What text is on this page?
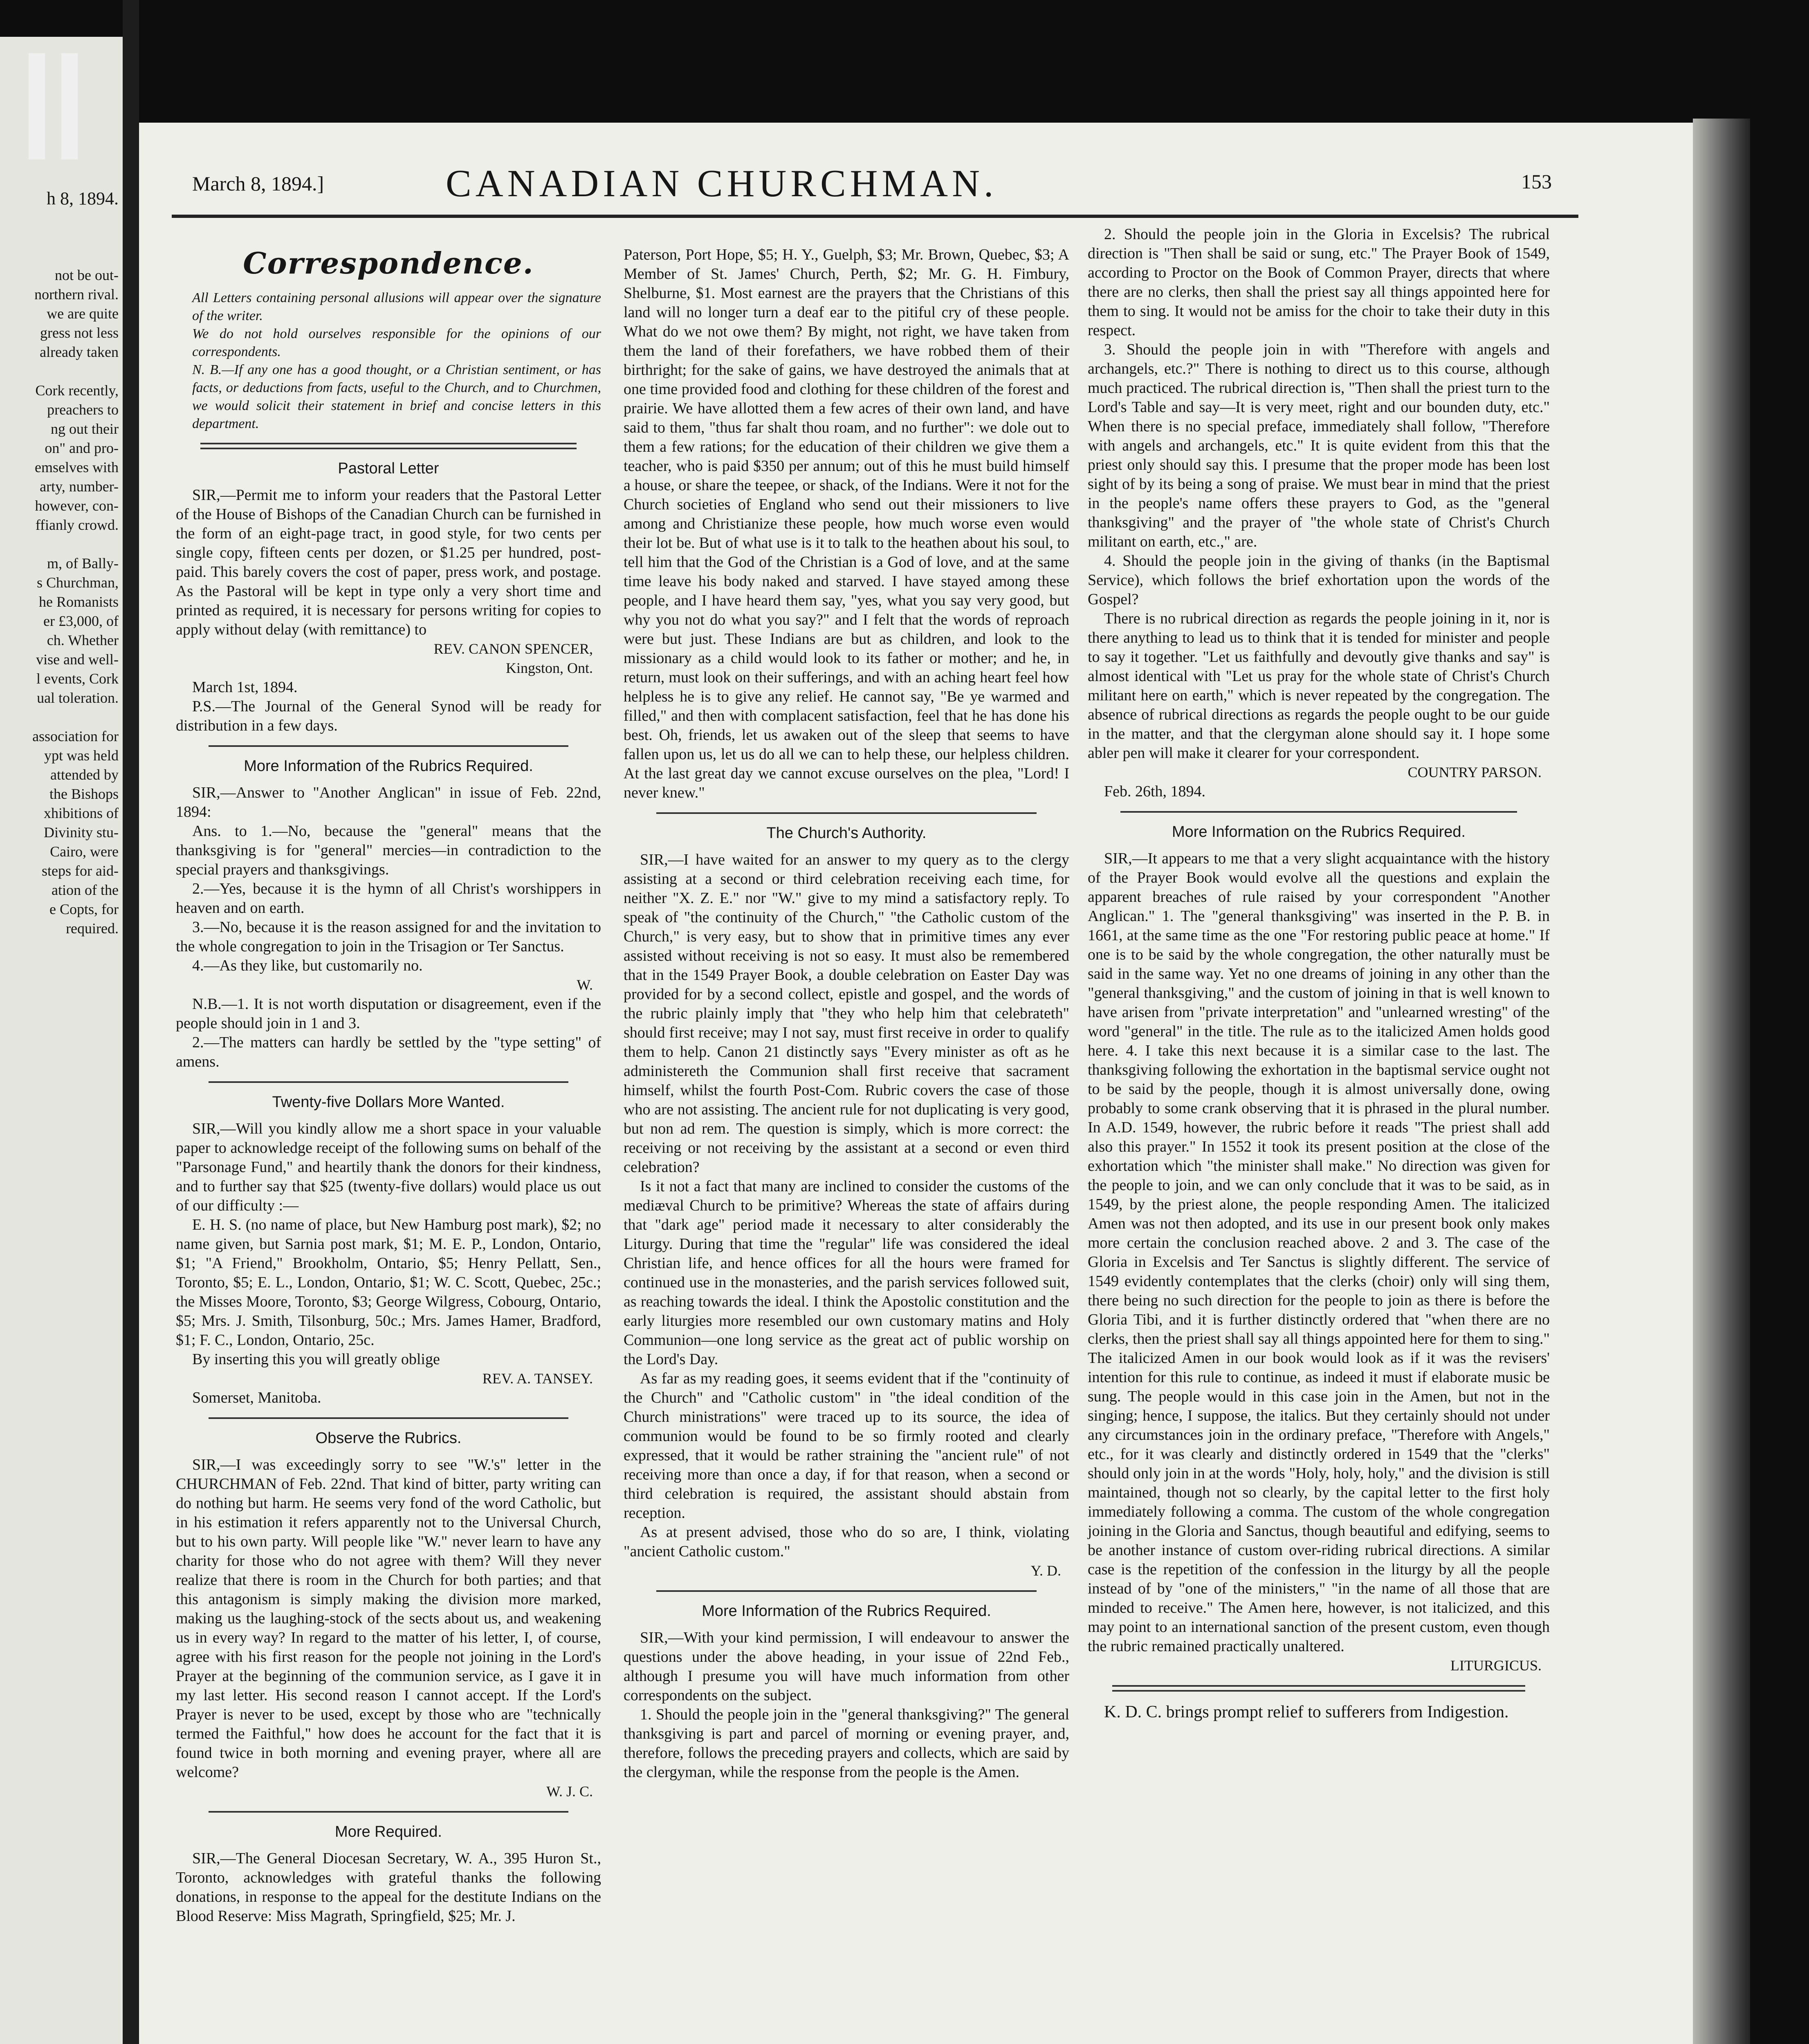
h 8, 1894.
not be out-
northern rival.
we are quite
gress not less
already taken

Cork recently,
preachers to
ng out their
on" and pro-
emselves with
arty, number-
however, con-
ffianly crowd.

m, of Bally-
s Churchman,
he Romanists
er £3,000, of
ch. Whether
vise and well-
l events, Cork
ual toleration.

association for
ypt was held
attended by
the Bishops
xhibitions of
Divinity stu-
Cairo, were
steps for aid-
ation of the
e Copts, for
required.
March 8, 1894.]	CANADIAN CHURCHMAN.	153
Correspondence.

All Letters containing personal allusions will appear over the signature of the writer.

We do not hold ourselves responsible for the opinions of our correspondents.

N. B.—If any one has a good thought, or a Christian sentiment, or has facts, or deductions from facts, useful to the Church, and to Churchmen, we would solicit their statement in brief and concise letters in this department.

Pastoral Letter

SIR,—Permit me to inform your readers that the Pastoral Letter of the House of Bishops of the Canadian Church can be furnished in the form of an eight-page tract, in good style, for two cents per single copy, fifteen cents per dozen, or $1.25 per hundred, post-paid. This barely covers the cost of paper, press work, and postage. As the Pastoral will be kept in type only a very short time and printed as required, it is necessary for persons writing for copies to apply without delay (with remittance) to

REV. CANON SPENCER,
Kingston, Ont.

March 1st, 1894.

P.S.—The Journal of the General Synod will be ready for distribution in a few days.

More Information of the Rubrics Required.

SIR,—Answer to "Another Anglican" in issue of Feb. 22nd, 1894:

Ans. to 1.—No, because the "general" means that the thanksgiving is for "general" mercies—in contradiction to the special prayers and thanksgivings.

2.—Yes, because it is the hymn of all Christ's worshippers in heaven and on earth.

3.—No, because it is the reason assigned for and the invitation to the whole congregation to join in the Trisagion or Ter Sanctus.

4.—As they like, but customarily no.

W.

N.B.—1. It is not worth disputation or disagreement, even if the people should join in 1 and 3.

2.—The matters can hardly be settled by the "type setting" of amens.

Twenty-five Dollars More Wanted.

SIR,—Will you kindly allow me a short space in your valuable paper to acknowledge receipt of the following sums on behalf of the "Parsonage Fund," and heartily thank the donors for their kindness, and to further say that $25 (twenty-five dollars) would place us out of our difficulty :—

E. H. S. (no name of place, but New Hamburg post mark), $2; no name given, but Sarnia post mark, $1; M. E. P., London, Ontario, $1; "A Friend," Brookholm, Ontario, $5; Henry Pellatt, Sen., Toronto, $5; E. L., London, Ontario, $1; W. C. Scott, Quebec, 25c.; the Misses Moore, Toronto, $3; George Wilgress, Cobourg, Ontario, $5; Mrs. J. Smith, Tilsonburg, 50c.; Mrs. James Hamer, Bradford, $1; F. C., London, Ontario, 25c.

By inserting this you will greatly oblige

REV. A. TANSEY.

Somerset, Manitoba.

Observe the Rubrics.

SIR,—I was exceedingly sorry to see "W.'s" letter in the CHURCHMAN of Feb. 22nd. That kind of bitter, party writing can do nothing but harm. He seems very fond of the word Catholic, but in his estimation it refers apparently not to the Universal Church, but to his own party. Will people like "W." never learn to have any charity for those who do not agree with them? Will they never realize that there is room in the Church for both parties; and that this antagonism is simply making the division more marked, making us the laughing-stock of the sects about us, and weakening us in every way? In regard to the matter of his letter, I, of course, agree with his first reason for the people not joining in the Lord's Prayer at the beginning of the communion service, as I gave it in my last letter. His second reason I cannot accept. If the Lord's Prayer is never to be used, except by those who are "technically termed the Faithful," how does he account for the fact that it is found twice in both morning and evening prayer, where all are welcome?

W. J. C.
More Required.

SIR,—The General Diocesan Secretary, W. A., 395 Huron St., Toronto, acknowledges with grateful thanks the following donations, in response to the appeal for the destitute Indians on the Blood Reserve: Miss Magrath, Springfield, $25; Mr. J.

Paterson, Port Hope, $5; H. Y., Guelph, $3; Mr. Brown, Quebec, $3; A Member of St. James' Church, Perth, $2; Mr. G. H. Fimbury, Shelburne, $1. Most earnest are the prayers that the Christians of this land will no longer turn a deaf ear to the pitiful cry of these people. What do we not owe them? By might, not right, we have taken from them the land of their forefathers, we have robbed them of their birthright; for the sake of gains, we have destroyed the animals that at one time provided food and clothing for these children of the forest and prairie. We have allotted them a few acres of their own land, and have said to them, "thus far shalt thou roam, and no further": we dole out to them a few rations; for the education of their children we give them a teacher, who is paid $350 per annum; out of this he must build himself a house, or share the teepee, or shack, of the Indians. Were it not for the Church societies of England who send out their missioners to live among and Christianize these people, how much worse even would their lot be. But of what use is it to talk to the heathen about his soul, to tell him that the God of the Christian is a God of love, and at the same time leave his body naked and starved. I have stayed among these people, and I have heard them say, "yes, what you say very good, but why you not do what you say?" and I felt that the words of reproach were but just. These Indians are but as children, and look to the missionary as a child would look to its father or mother; and he, in return, must look on their sufferings, and with an aching heart feel how helpless he is to give any relief. He cannot say, "Be ye warmed and filled," and then with complacent satisfaction, feel that he has done his best. Oh, friends, let us awaken out of the sleep that seems to have fallen upon us, let us do all we can to help these, our helpless children. At the last great day we cannot excuse ourselves on the plea, "Lord! I never knew."

The Church's Authority.

SIR,—I have waited for an answer to my query as to the clergy assisting at a second or third celebration receiving each time, for neither "X. Z. E." nor "W." give to my mind a satisfactory reply. To speak of "the continuity of the Church," "the Catholic custom of the Church," is very easy, but to show that in primitive times any ever assisted without receiving is not so easy. It must also be remembered that in the 1549 Prayer Book, a double celebration on Easter Day was provided for by a second collect, epistle and gospel, and the words of the rubric plainly imply that "they who help him that celebrateth" should first receive; may I not say, must first receive in order to qualify them to help. Canon 21 distinctly says "Every minister as oft as he administereth the Communion shall first receive that sacrament himself, whilst the fourth Post-Com. Rubric covers the case of those who are not assisting. The ancient rule for not duplicating is very good, but non ad rem. The question is simply, which is more correct: the receiving or not receiving by the assistant at a second or even third celebration?

Is it not a fact that many are inclined to consider the customs of the mediæval Church to be primitive? Whereas the state of affairs during that "dark age" period made it necessary to alter considerably the Liturgy. During that time the "regular" life was considered the ideal Christian life, and hence offices for all the hours were framed for continued use in the monasteries, and the parish services followed suit, as reaching towards the ideal. I think the Apostolic constitution and the early liturgies more resembled our own customary matins and Holy Communion—one long service as the great act of public worship on the Lord's Day.

As far as my reading goes, it seems evident that if the "continuity of the Church" and "Catholic custom" in "the ideal condition of the Church ministrations" were traced up to its source, the idea of communion would be found to be so firmly rooted and clearly expressed, that it would be rather straining the "ancient rule" of not receiving more than once a day, if for that reason, when a second or third celebration is required, the assistant should abstain from reception.

As at present advised, those who do so are, I think, violating "ancient Catholic custom."

Y. D.
More Information of the Rubrics Required.

SIR,—With your kind permission, I will endeavour to answer the questions under the above heading, in your issue of 22nd Feb., although I presume you will have much information from other correspondents on the subject.

1. Should the people join in the "general thanksgiving?" The general thanksgiving is part and parcel of morning or evening prayer, and, therefore, follows the preceding prayers and collects, which are said by the clergyman, while the response from the people is the Amen.

2. Should the people join in the Gloria in Excelsis? The rubrical direction is "Then shall be said or sung, etc." The Prayer Book of 1549, according to Proctor on the Book of Common Prayer, directs that where there are no clerks, then shall the priest say all things appointed here for them to sing. It would not be amiss for the choir to take their duty in this respect.

3. Should the people join in with "Therefore with angels and archangels, etc.?" There is nothing to direct us to this course, although much practiced. The rubrical direction is, "Then shall the priest turn to the Lord's Table and say—It is very meet, right and our bounden duty, etc." When there is no special preface, immediately shall follow, "Therefore with angels and archangels, etc." It is quite evident from this that the priest only should say this. I presume that the proper mode has been lost sight of by its being a song of praise. We must bear in mind that the priest in the people's name offers these prayers to God, as the "general thanksgiving" and the prayer of "the whole state of Christ's Church militant on earth, etc.," are.

4. Should the people join in the giving of thanks (in the Baptismal Service), which follows the brief exhortation upon the words of the Gospel?

There is no rubrical direction as regards the people joining in it, nor is there anything to lead us to think that it is tended for minister and people to say it together. "Let us faithfully and devoutly give thanks and say" is almost identical with "Let us pray for the whole state of Christ's Church militant here on earth," which is never repeated by the congregation. The absence of rubrical directions as regards the people ought to be our guide in the matter, and that the clergyman alone should say it. I hope some abler pen will make it clearer for your correspondent.

COUNTRY PARSON.

Feb. 26th, 1894.

More Information on the Rubrics Required.

SIR,—It appears to me that a very slight acquaintance with the history of the Prayer Book would evolve all the questions and explain the apparent breaches of rule raised by your correspondent "Another Anglican." 1. The "general thanksgiving" was inserted in the P. B. in 1661, at the same time as the one "For restoring public peace at home." If one is to be said by the whole congregation, the other naturally must be said in the same way. Yet no one dreams of joining in any other than the "general thanksgiving," and the custom of joining in that is well known to have arisen from "private interpretation" and "unlearned wresting" of the word "general" in the title. The rule as to the italicized Amen holds good here. 4. I take this next because it is a similar case to the last. The thanksgiving following the exhortation in the baptismal service ought not to be said by the people, though it is almost universally done, owing probably to some crank observing that it is phrased in the plural number. In A.D. 1549, however, the rubric before it reads "The priest shall add also this prayer." In 1552 it took its present position at the close of the exhortation which "the minister shall make." No direction was given for the people to join, and we can only conclude that it was to be said, as in 1549, by the priest alone, the people responding Amen. The italicized Amen was not then adopted, and its use in our present book only makes more certain the conclusion reached above. 2 and 3. The case of the Gloria in Excelsis and Ter Sanctus is slightly different. The service of 1549 evidently contemplates that the clerks (choir) only will sing them, there being no such direction for the people to join as there is before the Gloria Tibi, and it is further distinctly ordered that "when there are no clerks, then the priest shall say all things appointed here for them to sing." The italicized Amen in our book would look as if it was the revisers' intention for this rule to continue, as indeed it must if elaborate music be sung. The people would in this case join in the Amen, but not in the singing; hence, I suppose, the italics. But they certainly should not under any circumstances join in the ordinary preface, "Therefore with Angels," etc., for it was clearly and distinctly ordered in 1549 that the "clerks" should only join in at the words "Holy, holy, holy," and the division is still maintained, though not so clearly, by the capital letter to the first holy immediately following a comma. The custom of the whole congregation joining in the Gloria and Sanctus, though beautiful and edifying, seems to be another instance of custom over-riding rubrical directions. A similar case is the repetition of the confession in the liturgy by all the people instead of by "one of the ministers," "in the name of all those that are minded to receive." The Amen here, however, is not italicized, and this may point to an international sanction of the present custom, even though the rubric remained practically unaltered.

LITURGICUS.

K. D. C. brings prompt relief to sufferers from Indigestion.
